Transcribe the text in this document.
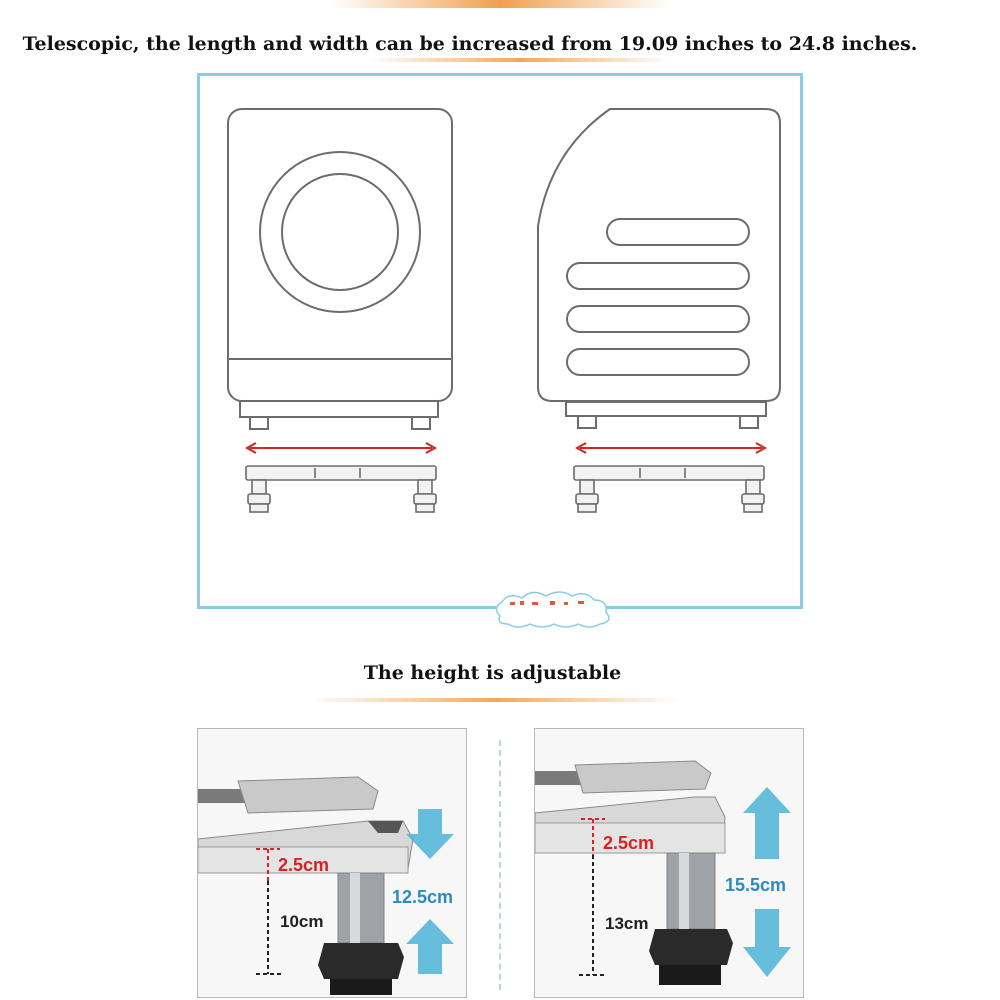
Telescopic, the length and width can be increased from 19.09 inches to 24.8 inches.
The height is adjustable
2.5cm
10cm
12.5cm
2.5cm
13cm
15.5cm
